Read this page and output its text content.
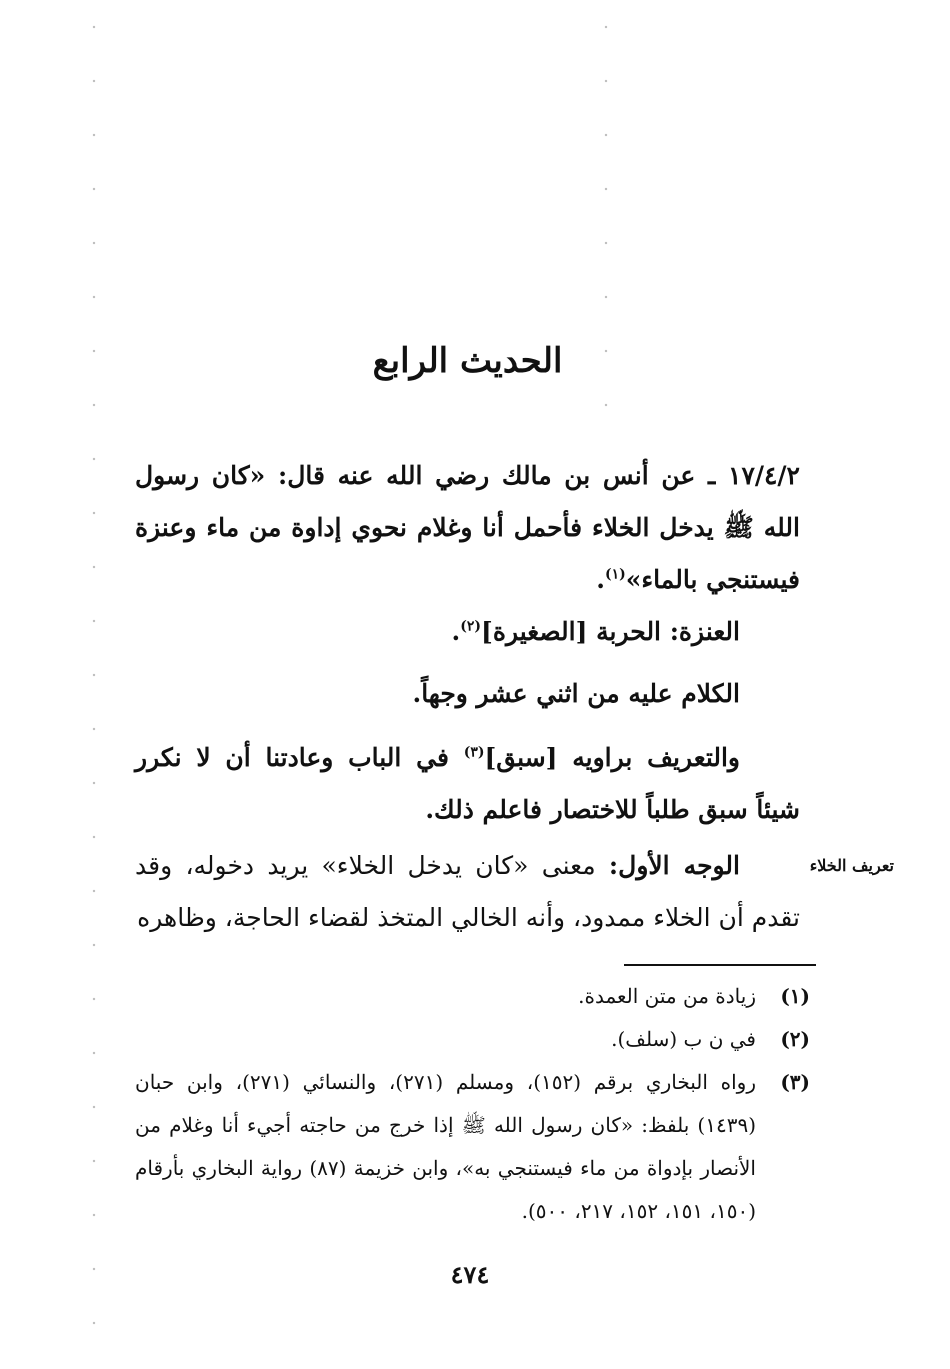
الحديث الرابع
١٧/٤/٢ ـ عن أنس بن مالك رضي الله عنه قال: «كان رسول الله ﷺ يدخل الخلاء فأحمل أنا وغلام نحوي إداوة من ماء وعنزة فيستنجي بالماء»$^{(١)}$.
العنزة: الحربة [الصغيرة]$^{(٢)}$.
الكلام عليه من اثني عشر وجهاً.
والتعريف براويه [سبق]$^{(٣)}$ في الباب وعادتنا أن لا نكرر شيئاً سبق طلباً للاختصار فاعلم ذلك.
تعريف الخلاء
الوجه الأول: معنى «كان يدخل الخلاء» يريد دخوله، وقد تقدم أن الخلاء ممدود، وأنه الخالي المتخذ لقضاء الحاجة، وظاهره
(١)
زيادة من متن العمدة.
(٢)
في ن ب (سلف).
(٣)
رواه البخاري برقم (١٥٢)، ومسلم (٢٧١)، والنسائي (٢٧١)، وابن حبان (١٤٣٩) بلفظ: «كان رسول الله ﷺ إذا خرج من حاجته أجيء أنا وغلام من الأنصار بإدواة من ماء فيستنجي به»، وابن خزيمة (٨٧) رواية البخاري بأرقام (١٥٠، ١٥١، ١٥٢، ٢١٧، ٥٠٠).
٤٧٤
